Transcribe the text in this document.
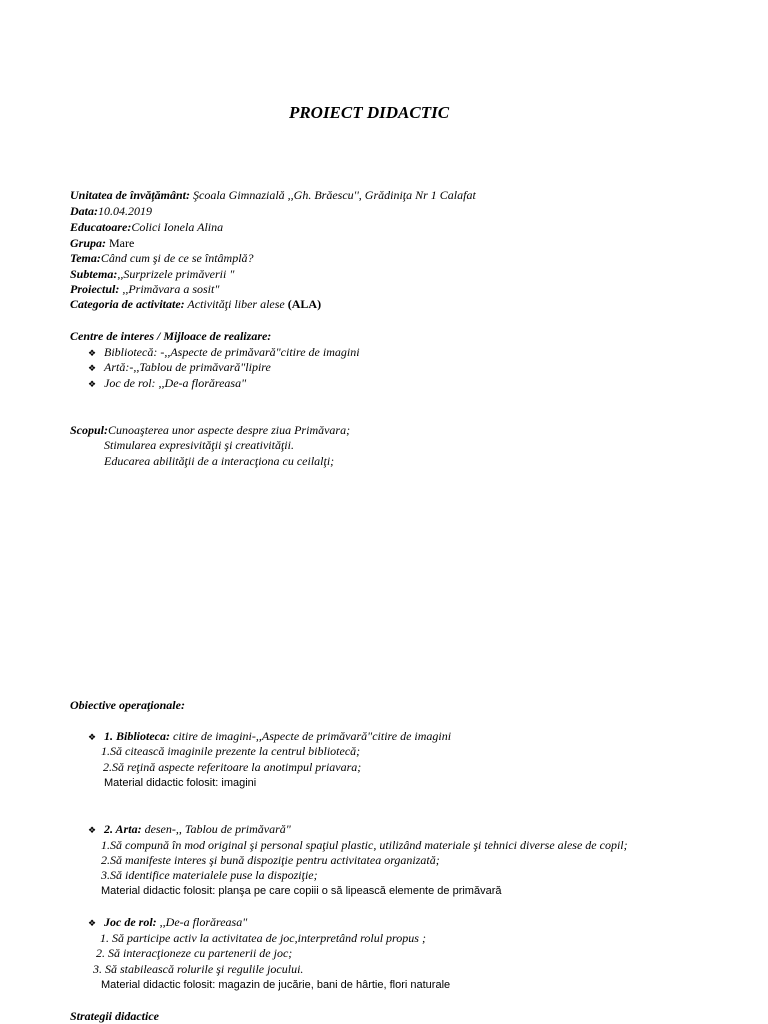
PROIECT DIDACTIC
Unitatea de învățământ: Şcoala Gimnazială ,,Gh. Brăescu'', Grădiniţa Nr 1 Calafat
Data:10.04.2019
Educatoare:Colici Ionela Alina
Grupa: Mare
Tema:Când cum şi de ce se întâmplă?
Subtema:,,Surprizele primăverii "
Proiectul: ,,Primăvara a sosit"
Categoria de activitate: Activităţi liber alese (ALA)
Centre de interes / Mijloace de realizare:
❖ Bibliotecă: -,,Aspecte de primăvară"citire de imagini
❖ Artă:-,,Tablou de primăvară"lipire
❖ Joc de rol: ,,De-a florăreasa"
Scopul:Cunoaşterea unor aspecte despre ziua Primăvara;
Stimularea expresivităţii şi creativităţii.
Educarea abilităţii de a interacţiona cu ceilalţi;
Obiective operaţionale:
❖ 1. Biblioteca: citire de imagini-,,Aspecte de primăvară"citire de imagini
1.Să citească imaginile prezente la centrul bibliotecă;
2.Să reţină aspecte referitoare la anotimpul priavara;
Material didactic folosit: imagini
❖ 2. Arta: desen-,, Tablou de primăvară"
1.Să compună în mod original şi personal spaţiul plastic, utilizând materiale şi tehnici diverse alese de copil;
2.Să manifeste interes şi bună dispoziţie pentru activitatea organizată;
3.Să identifice materialele puse la dispoziţie;
Material didactic folosit: planşa pe care copiii o să lipească elemente de primăvară
❖ Joc de rol: ,,De-a florăreasa"
1. Să participe activ la activitatea de joc,interpretând rolul propus ;
2. Să interacţioneze cu partenerii de joc;
3. Să stabilească rolurile şi regulile jocului.
Material didactic folosit: magazin de jucărie, bani de hârtie, flori naturale
Strategii didactice
